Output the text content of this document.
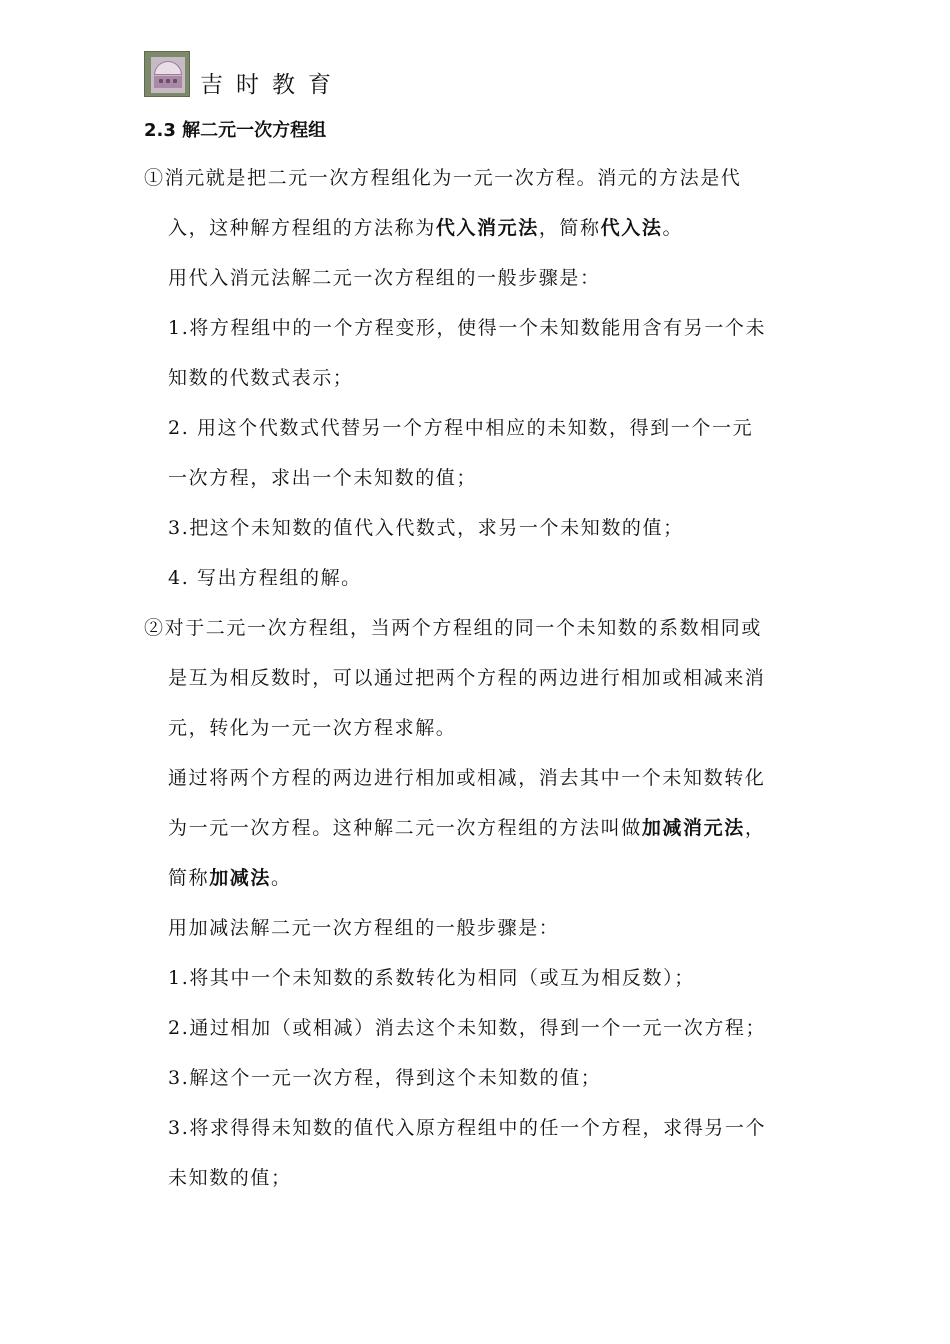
吉时教育
2.3 解二元一次方程组
①消元就是把二元一次方程组化为一元一次方程。消元的方法是代
入，这种解方程组的方法称为代入消元法，简称代入法。
用代入消元法解二元一次方程组的一般步骤是：
1.将方程组中的一个方程变形，使得一个未知数能用含有另一个未
知数的代数式表示；
2. 用这个代数式代替另一个方程中相应的未知数，得到一个一元
一次方程，求出一个未知数的值；
3.把这个未知数的值代入代数式，求另一个未知数的值；
4. 写出方程组的解。
②对于二元一次方程组，当两个方程组的同一个未知数的系数相同或
是互为相反数时，可以通过把两个方程的两边进行相加或相减来消
元，转化为一元一次方程求解。
通过将两个方程的两边进行相加或相减，消去其中一个未知数转化
为一元一次方程。这种解二元一次方程组的方法叫做加减消元法，
简称加减法。
用加减法解二元一次方程组的一般步骤是：
1.将其中一个未知数的系数转化为相同（或互为相反数）；
2.通过相加（或相减）消去这个未知数，得到一个一元一次方程；
3.解这个一元一次方程，得到这个未知数的值；
3.将求得得未知数的值代入原方程组中的任一个方程，求得另一个
未知数的值；
